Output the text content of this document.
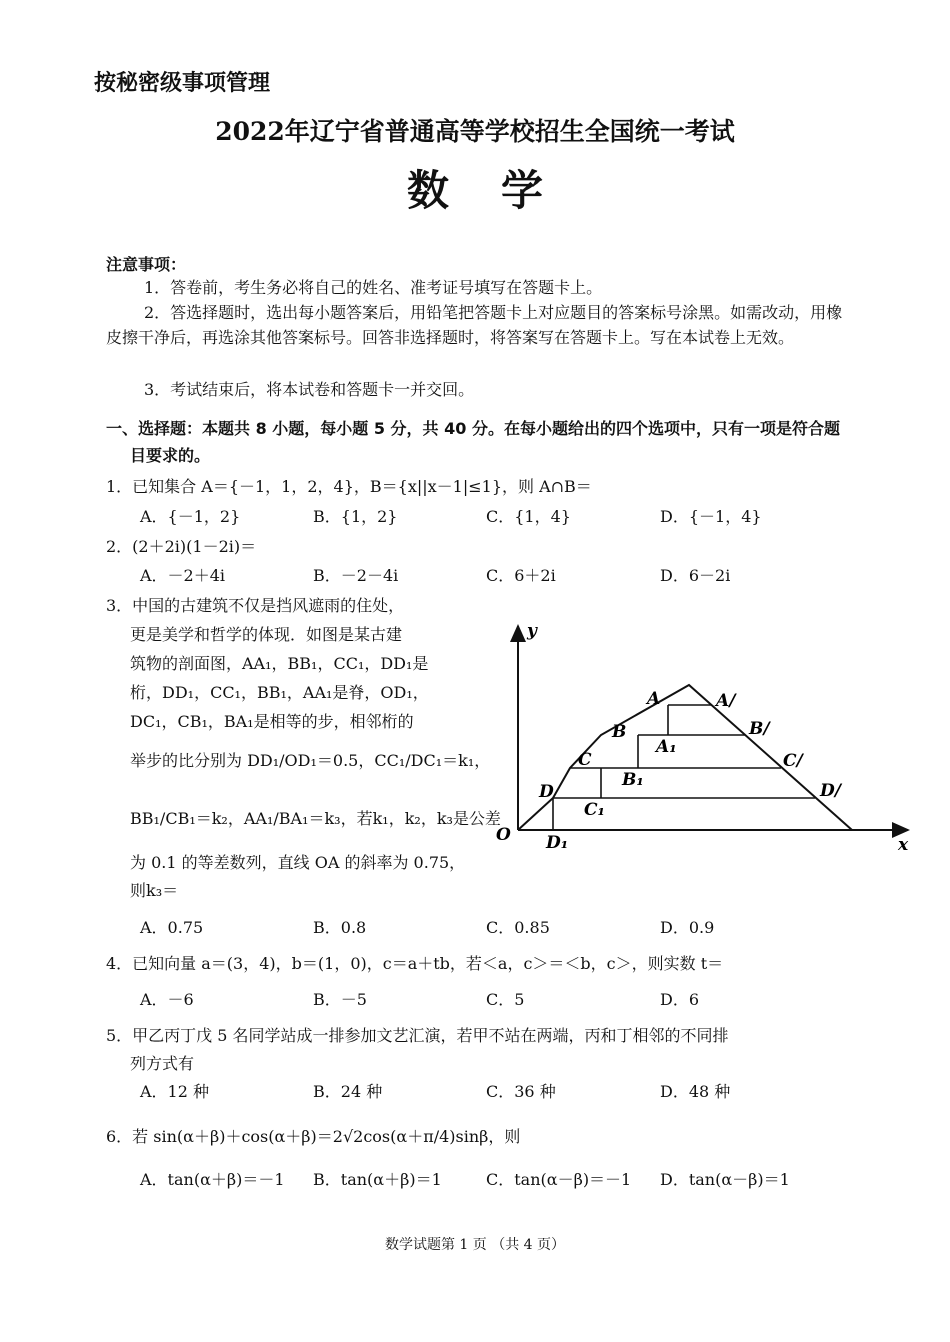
按秘密级事项管理
2022年辽宁省普通高等学校招生全国统一考试
数学
注意事项：
1．答卷前，考生务必将自己的姓名、准考证号填写在答题卡上。
2．答选择题时，选出每小题答案后，用铅笔把答题卡上对应题目的答案标号涂黑。如需改动，用橡皮擦干净后，再选涂其他答案标号。回答非选择题时，将答案写在答题卡上。写在本试卷上无效。
3．考试结束后，将本试卷和答题卡一并交回。
一、选择题：本题共 8 小题，每小题 5 分，共 40 分。在每小题给出的四个选项中，只有一项是符合题目要求的。
1．已知集合 A＝{－1，1，2，4}，B＝{x||x－1|≤1}，则 A∩B＝
A．{－1，2}	B．{1，2}	C．{1，4}	D．{－1，4}
2．(2＋2i)(1－2i)＝
A．－2＋4i	B．－2－4i	C．6＋2i	D．6－2i
3．中国的古建筑不仅是挡风遮雨的住处，
更是美学和哲学的体现．如图是某古建
筑物的剖面图，AA₁，BB₁，CC₁，DD₁是
桁，DD₁，CC₁，BB₁，AA₁是脊，OD₁，
DC₁，CB₁，BA₁是相等的步，相邻桁的
举步的比分别为 DD₁/OD₁＝0.5，CC₁/DC₁＝k₁，
BB₁/CB₁＝k₂，AA₁/BA₁＝k₃，若k₁，k₂，k₃是公差
为 0.1 的等差数列，直线 OA 的斜率为 0.75，
则k₃＝
A．0.75	B．0.8	C．0.85	D．0.9
y
x
O
A	A/
A₁
B	B/
B₁
C	C/
C₁
D	D/
D₁
4．已知向量 a＝(3，4)，b＝(1，0)，c＝a＋tb，若＜a，c＞＝＜b，c＞，则实数 t＝
A．－6	B．－5	C．5	D．6
5．甲乙丙丁戊 5 名同学站成一排参加文艺汇演，若甲不站在两端，丙和丁相邻的不同排
列方式有
A．12 种	B．24 种	C．36 种	D．48 种
6．若 sin(α＋β)＋cos(α＋β)＝2√2cos(α＋π/4)sinβ，则
A．tan(α＋β)＝－1 B．tan(α＋β)＝1	C．tan(α－β)＝－1 D．tan(α－β)＝1
数学试题第 1 页 （共 4 页）
